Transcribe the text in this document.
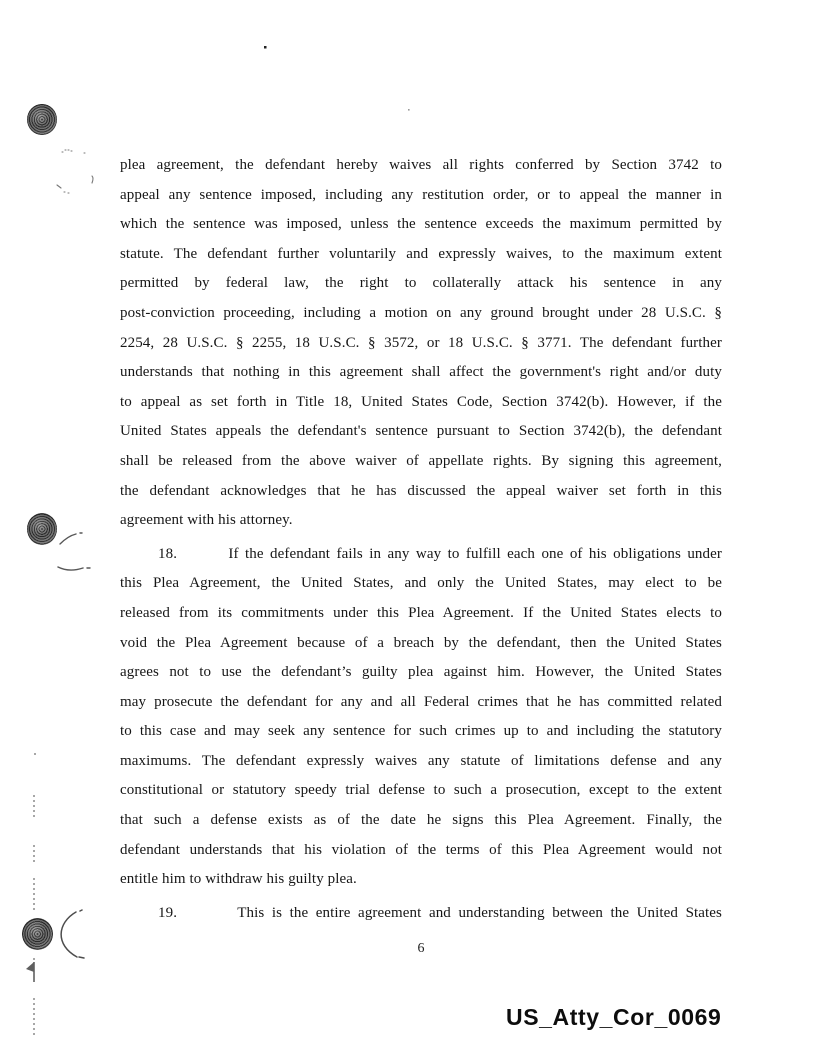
plea agreement, the defendant hereby waives all rights conferred by Section 3742 to
appeal any sentence imposed, including any restitution order, or to appeal the manner in
which the sentence was imposed, unless the sentence exceeds the maximum permitted by
statute. The defendant further voluntarily and expressly waives, to the maximum extent
permitted by federal law, the right to collaterally attack his sentence in any
post-conviction proceeding, including a motion on any ground brought under 28 U.S.C. §
2254, 28 U.S.C. § 2255, 18 U.S.C. § 3572, or 18 U.S.C. § 3771. The defendant further
understands that nothing in this agreement shall affect the government's right and/or duty
to appeal as set forth in Title 18, United States Code, Section 3742(b). However, if the
United States appeals the defendant's sentence pursuant to Section 3742(b), the defendant
shall be released from the above waiver of appellate rights. By signing this agreement,
the defendant acknowledges that he has discussed the appeal waiver set forth in this
agreement with his attorney.
18.        If the defendant fails in any way to fulfill each one of his obligations under
this Plea Agreement, the United States, and only the United States, may elect to be
released from its commitments under this Plea Agreement. If the United States elects to
void the Plea Agreement because of a breach by the defendant, then the United States
agrees not to use the defendant’s guilty plea against him. However, the United States
may prosecute the defendant for any and all Federal crimes that he has committed related
to this case and may seek any sentence for such crimes up to and including the statutory
maximums. The defendant expressly waives any statute of limitations defense and any
constitutional or statutory speedy trial defense to such a prosecution, except to the extent
that such a defense exists as of the date he signs this Plea Agreement. Finally, the
defendant understands that his violation of the terms of this Plea Agreement would not
entitle him to withdraw his guilty plea.
19.        This is the entire agreement and understanding between the United States
6
US_Atty_Cor_0069
